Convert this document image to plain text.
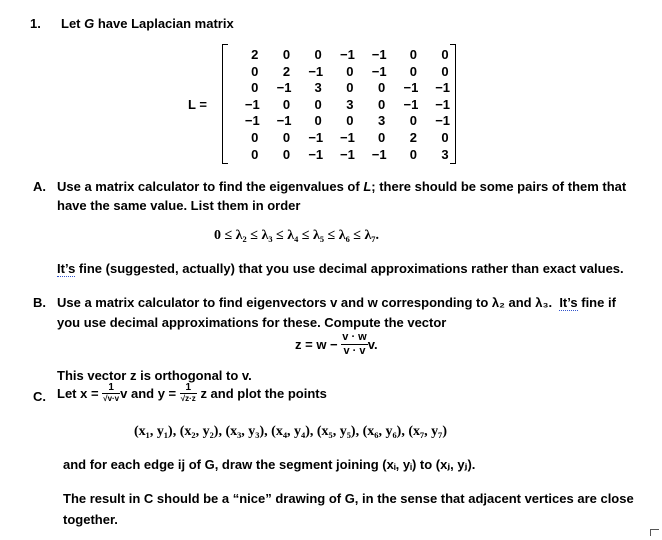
1. Let G have Laplacian matrix
L =
2	0	0	−1	−1	0	0
0	2	−1	0	−1	0	0
0	−1	3	0	0	−1	−1
−1	0	0	3	0	−1	−1
−1	−1	0	0	3	0	−1
0	0	−1	−1	0	2	0
0	0	−1	−1	−1	0	3
A. Use a matrix calculator to find the eigenvalues of L; there should be some pairs of them that
have the same value. List them in order
0 ≤ λ₂ ≤ λ₃ ≤ λ₄ ≤ λ₅ ≤ λ₆ ≤ λ₇.
It’s fine (suggested, actually) that you use decimal approximations rather than exact values.
B. Use a matrix calculator to find eigenvectors v and w corresponding to λ₂ and λ₃. It’s fine if
you use decimal approximations for these. Compute the vector
$z = w - \frac{v \cdot w}{v \cdot v} v$.
This vector z is orthogonal to v.
C. Let $x = \frac{1}{√v\cdot v}$ v and $y = \frac{1}{√z\cdot z}$ z and plot the points
(x₁, y₁), (x₂, y₂), (x₃, y₃), (x₄, y₄), (x₅, y₅), (x₆, y₆), (x₇, y₇)
and for each edge ij of G, draw the segment joining (xᵢ, yᵢ) to (xⱼ, yⱼ).
The result in C should be a “nice” drawing of G, in the sense that adjacent vertices are close
together.
